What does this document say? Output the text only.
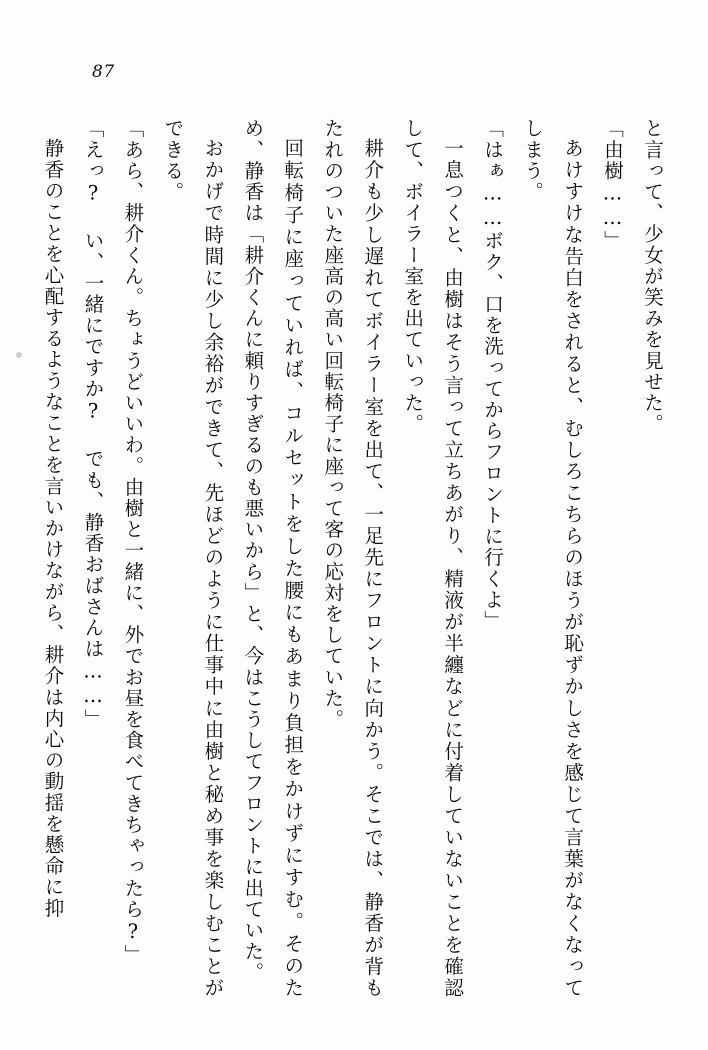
87

と言って、少女が笑みを見せた。

「由樹……」

あけすけな告白をされると、むしろこちらのほうが恥ずかしさを感じて言葉がなくなってしまう。

「はぁ……ボク、口を洗ってからフロントに行くよ」

一息つくと、由樹はそう言って立ちあがり、精液が半纏などに付着していないことを確認して、ボイラー室を出ていった。

耕介も少し遅れてボイラー室を出て、一足先にフロントに向かう。そこでは、静香が背もたれのついた座高の高い回転椅子に座って客の応対をしていた。

回転椅子に座っていれば、コルセットをした腰にもあまり負担をかけずにすむ。そのため、静香は「耕介くんに頼りすぎるのも悪いから」と、今はこうしてフロントに出ていた。

おかげで時間に少し余裕ができて、先ほどのように仕事中に由樹と秘め事を楽しむことができる。

「あら、耕介くん。ちょうどいいわ。由樹と一緒に、外でお昼を食べてきちゃったら?」

「えっ? い、一緒にですか? でも、静香おばさんは……」

静香のことを心配するようなことを言いかけながら、耕介は内心の動揺を懸命に抑
